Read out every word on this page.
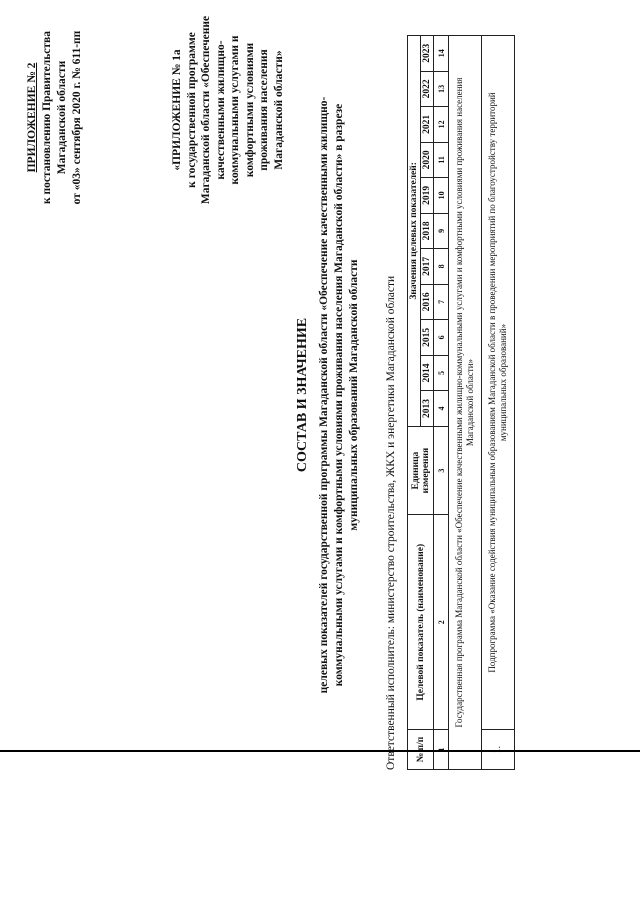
ПРИЛОЖЕНИЕ № 2 к постановлению Правительства Магаданской области от «03» сентября 2020 г. № 611-пп	«ПРИЛОЖЕНИЕ № 1а к государственной программе Магаданской области «Обеспечение качественными жилищно-коммунальными услугами и комфортными условиями проживания населения Магаданской области»
СОСТАВ И ЗНАЧЕНИЕ целевых показателей государственной программы Магаданской области «Обеспечение качественными жилищно-коммунальными услугами и комфортными условиями проживания населения Магаданской области» в разрезе муниципальных образований Магаданской области Ответственный исполнитель: министерство строительства, ЖКХ и энергетики Магаданской области № п/п	Целевой показатель (наименование)	Единица измерения	Значения целевых показателей:										
			2013	2014	2015	2016	2017	2018	2019	2020	2021	2022	2023
1	2	3	4	5	6	7	8	9	10	11	12	13	14
Государственная программа Магаданской области «Обеспечение качественными жилищно-коммунальными услугами и комфортными условиями проживания населения Магаданской области»													
1.	Подпрограмма «Оказание содействия муниципальным образованиям Магаданской области в проведении мероприятий по благоустройству территорий муниципальных образований»												
